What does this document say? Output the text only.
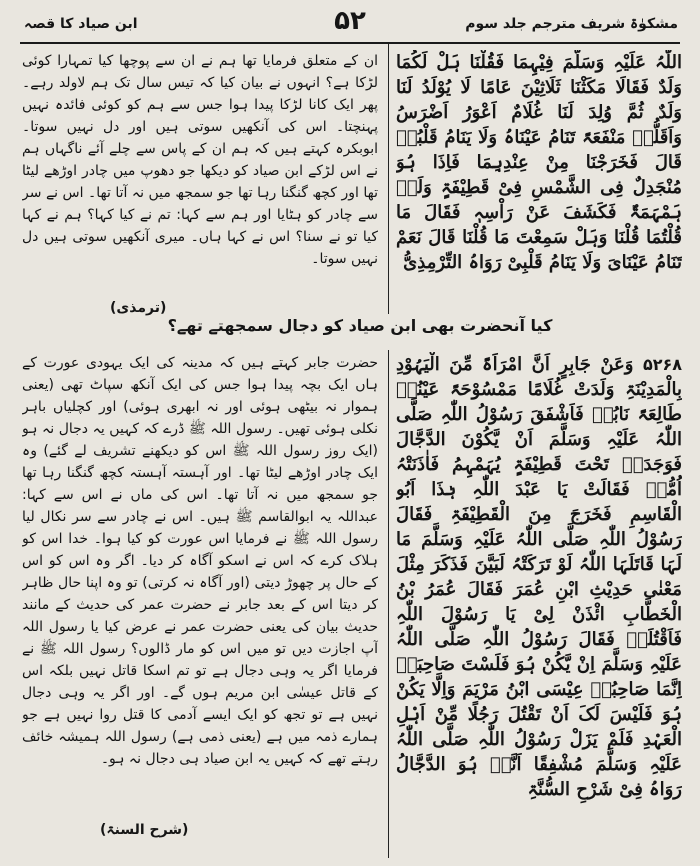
مشکوٰۃ شریف مترجم جلد سوم
۵۲
ابن صیاد کا قصہ

اللّٰہُ عَلَیْہِ وَسَلَّمَ فِیْہِمَا فَقُلْنَا ہَلْ لَکُمَا وَلَدٌ فَقَالَا مَکَثْنَا ثَلَاثِیْنَ عَامًا لَا یُوْلَدُ لَنَا وَلَدٌ ثُمَّ وُلِدَ لَنَا غُلَامٌ اَعْوَرُ اَضْرَسُ وَاَقَلُّہٗ مَنْفَعَۃً تَنَامُ عَیْنَاہُ وَلَا یَنَامُ قَلْبُہٗ قَالَ فَخَرَجْنَا مِنْ عِنْدِہِمَا فَاِذَا ہُوَ مُنْجَدِلٌ فِی الشَّمْسِ فِیْ قَطِیْفَۃٍ وَلَہٗ ہَمْہَمَۃٌ فَکَشَفَ عَنْ رَاْسِہٖ فَقَالَ مَا قُلْتُمَا قُلْنَا وَہَلْ سَمِعْتَ مَا قُلْنَا قَالَ نَعَمْ تَنَامُ عَیْنَایَ وَلَا یَنَامُ قَلْبِیْ رَوَاہُ التِّرْمِذِیُّ

ان کے متعلق فرمایا تھا ہم نے ان سے پوچھا کیا تمہارا کوئی لڑکا ہے؟ انہوں نے بیان کیا کہ تیس سال تک ہم لاولد رہے۔ پھر ایک کانا لڑکا پیدا ہوا جس سے ہم کو کوئی فائدہ نہیں پہنچتا۔ اس کی آنکھیں سوتی ہیں اور دل نہیں سوتا۔ ابوبکرہ کہتے ہیں کہ ہم ان کے پاس سے چلے آئے ناگہاں ہم نے اس لڑکے ابن صیاد کو دیکھا جو دھوپ میں چادر اوڑھے لیٹا تھا اور کچھ گنگنا رہا تھا جو سمجھ میں نہ آتا تھا۔ اس نے سر سے چادر کو ہٹایا اور ہم سے کہا: تم نے کیا کہا؟ ہم نے کہا کیا تو نے سنا؟ اس نے کہا ہاں۔ میری آنکھیں سوتی ہیں دل نہیں سوتا۔

(ترمذی)
کیا آنحضرت بھی ابن صیاد کو دجال سمجھتے تھے؟

۵۲۶۸ وَعَنْ جَابِرٍ اَنَّ امْرَاَۃً مِّنَ الْیَہُوْدِ بِالْمَدِیْنَۃِ وَلَدَتْ غُلَامًا مَمْسُوْحَۃً عَیْنُہٗ طَالِعَۃً نَابُہٗ فَاَشْفَقَ رَسُوْلُ اللّٰہِ صَلَّی اللّٰہُ عَلَیْہِ وَسَلَّمَ اَنْ یَّکُوْنَ الدَّجَّالَ فَوَجَدَہٗ تَحْتَ قَطِیْفَۃٍ یُہَمْہِمُ فَاٰذَنَتْہُ اُمُّہٗ فَقَالَتْ یَا عَبْدَ اللّٰہِ ہٰذَا اَبُو الْقَاسِمِ فَخَرَجَ مِنَ الْقَطِیْفَۃِ فَقَالَ رَسُوْلُ اللّٰہِ صَلَّی اللّٰہُ عَلَیْہِ وَسَلَّمَ مَا لَہَا قَاتَلَہَا اللّٰہُ لَوْ تَرَکَتْہُ لَبَیَّنَ فَذَکَرَ مِثْلَ مَعْنٰی حَدِیْثِ ابْنِ عُمَرَ فَقَالَ عُمَرُ بْنُ الْخَطَّابِ ائْذَنْ لِیْ یَا رَسُوْلَ اللّٰہِ فَاَقْتُلَہٗ فَقَالَ رَسُوْلُ اللّٰہِ صَلَّی اللّٰہُ عَلَیْہِ وَسَلَّمَ اِنْ یَّکُنْ ہُوَ فَلَسْتَ صَاحِبَہٗ اِنَّمَا صَاحِبُہٗ عِیْسَی ابْنُ مَرْیَمَ وَاِلَّا یَکُنْ ہُوَ فَلَیْسَ لَکَ اَنْ تَقْتُلَ رَجُلًا مِّنْ اَہْلِ الْعَہْدِ فَلَمْ یَزَلْ رَسُوْلُ اللّٰہِ صَلَّی اللّٰہُ عَلَیْہِ وَسَلَّمَ مُشْفِقًا اَنَّہٗ ہُوَ الدَّجَّالُ رَوَاہُ فِیْ شَرْحِ السُّنَّۃِ

حضرت جابر کہتے ہیں کہ مدینہ کی ایک یہودی عورت کے ہاں ایک بچہ پیدا ہوا جس کی ایک آنکھ سپاٹ تھی (یعنی ہموار نہ بیٹھی ہوئی اور نہ ابھری ہوئی) اور کچلیاں باہر نکلی ہوئی تھیں۔ رسول اللہ ﷺ ڈرے کہ کہیں یہ دجال نہ ہو (ایک روز رسول اللہ ﷺ اس کو دیکھنے تشریف لے گئے) وہ ایک چادر اوڑھے لیٹا تھا۔ اور آہستہ آہستہ کچھ گنگنا رہا تھا جو سمجھ میں نہ آتا تھا۔ اس کی ماں نے اس سے کہا: عبداللہ یہ ابوالقاسم ﷺ ہیں۔ اس نے چادر سے سر نکال لیا رسول اللہ ﷺ نے فرمایا اس عورت کو کیا ہوا۔ خدا اس کو ہلاک کرے کہ اس نے اسکو آگاہ کر دیا۔ اگر وہ اس کو اس کے حال پر چھوڑ دیتی (اور آگاہ نہ کرتی) تو وہ اپنا حال ظاہر کر دیتا اس کے بعد جابر نے حضرت عمر کی حدیث کے مانند حدیث بیان کی یعنی حضرت عمر نے عرض کیا یا رسول اللہ آپ اجازت دیں تو میں اس کو مار ڈالوں؟ رسول اللہ ﷺ نے فرمایا اگر یہ وہی دجال ہے تو تم اسکا قاتل نہیں بلکہ اس کے قاتل عیسٰی ابن مریم ہوں گے۔ اور اگر یہ وہی دجال نہیں ہے تو تجھ کو ایک ایسے آدمی کا قتل روا نہیں ہے جو ہمارے ذمہ میں ہے (یعنی ذمی ہے) رسول اللہ ہمیشہ خائف رہتے تھے کہ کہیں یہ ابن صیاد ہی دجال نہ ہو۔

(شرح السنۃ)
